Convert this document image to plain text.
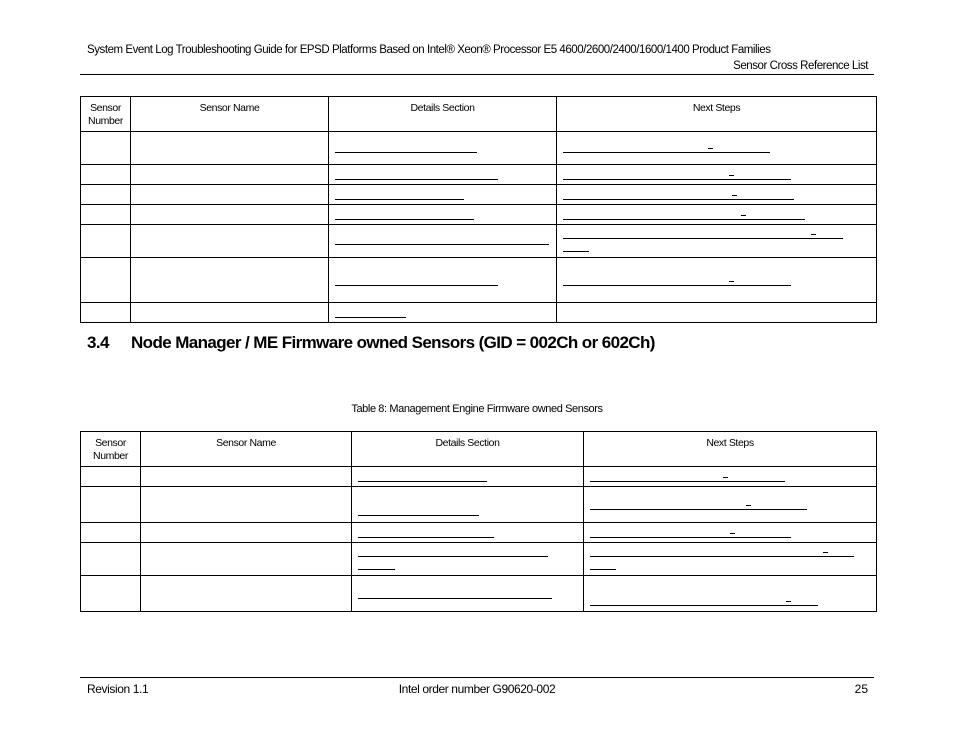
System Event Log Troubleshooting Guide for EPSD Platforms Based on Intel® Xeon® Processor E5 4600/2600/2400/1600/1400 Product Families
Sensor Cross Reference List
Sensor Number	Sensor Name	Details Section	Next Steps

3.4 Node Manager / ME Firmware owned Sensors (GID = 002Ch or 602Ch)
Table 8: Management Engine Firmware owned Sensors
Sensor Number	Sensor Name	Details Section	Next Steps

Revision 1.1	Intel order number G90620-002	25
